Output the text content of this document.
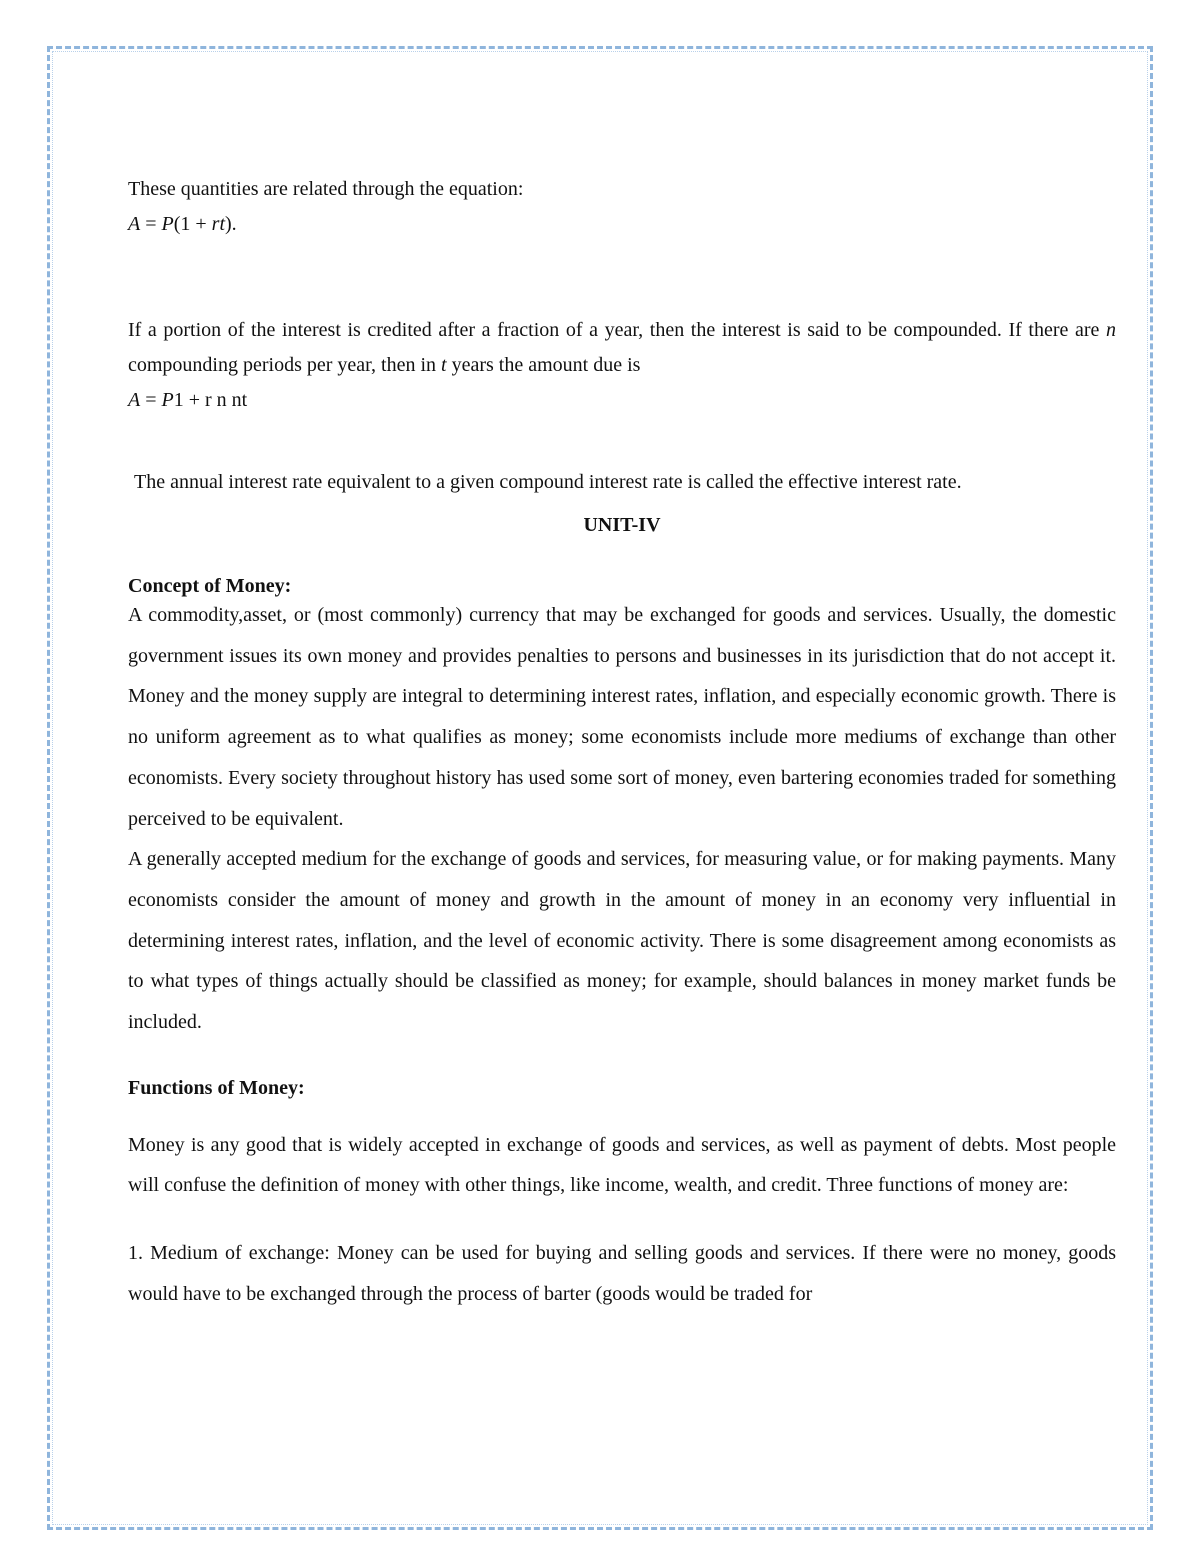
These quantities are related through the equation:

A = P(1 + rt).

If a portion of the interest is credited after a fraction of a year, then the interest is said to be compounded. If there are n compounding periods per year, then in t years the amount due is

A = P1 + r n nt

The annual interest rate equivalent to a given compound interest rate is called the effective interest rate.

UNIT-IV

Concept of Money:

A commodity,asset, or (most commonly) currency that may be exchanged for goods and services. Usually, the domestic government issues its own money and provides penalties to persons and businesses in its jurisdiction that do not accept it. Money and the money supply are integral to determining interest rates, inflation, and especially economic growth. There is no uniform agreement as to what qualifies as money; some economists include more mediums of exchange than other economists. Every society throughout history has used some sort of money, even bartering economies traded for something perceived to be equivalent.

A generally accepted medium for the exchange of goods and services, for measuring value, or for making payments. Many economists consider the amount of money and growth in the amount of money in an economy very influential in determining interest rates, inflation, and the level of economic activity. There is some disagreement among economists as to what types of things actually should be classified as money; for example, should balances in money market funds be included.

Functions of Money:

Money is any good that is widely accepted in exchange of goods and services, as well as payment of debts. Most people will confuse the definition of money with other things, like income, wealth, and credit. Three functions of money are:

1. Medium of exchange: Money can be used for buying and selling goods and services. If there were no money, goods would have to be exchanged through the process of barter (goods would be traded for
